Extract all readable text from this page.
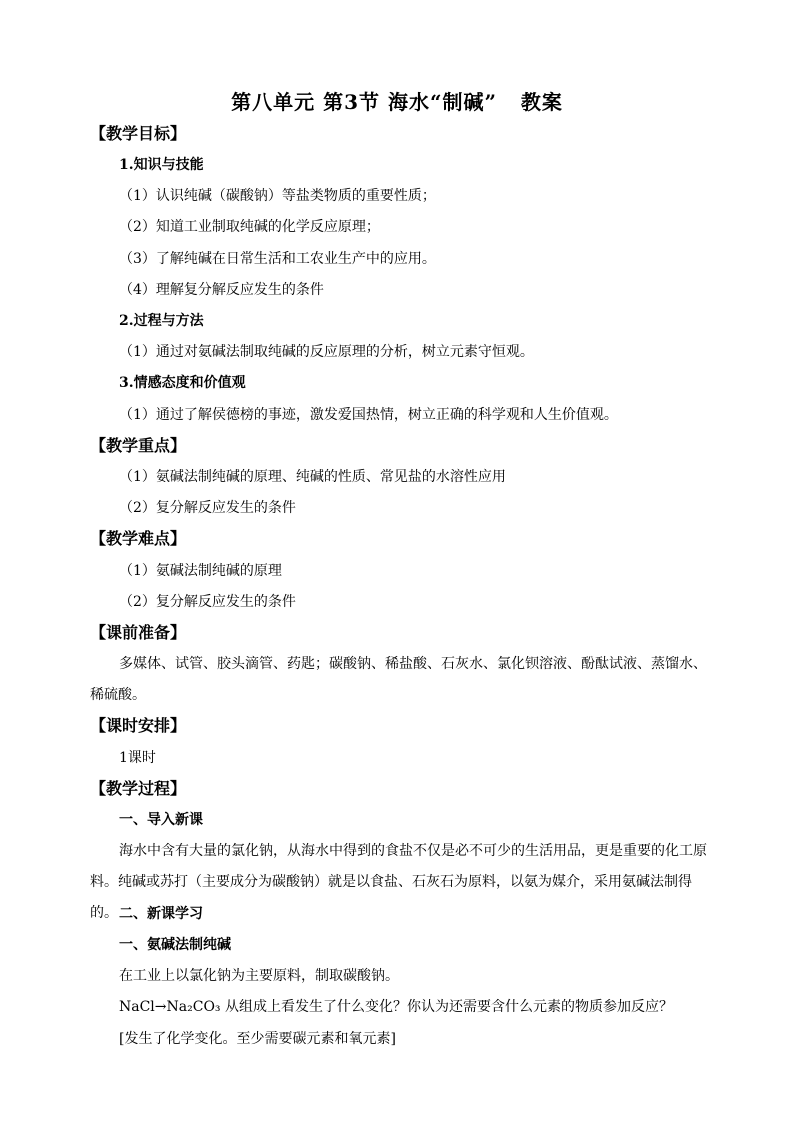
第八单元 第3节 海水“制碱”   教案
【教学目标】
1.知识与技能
（1）认识纯碱（碳酸钠）等盐类物质的重要性质；
（2）知道工业制取纯碱的化学反应原理；
（3）了解纯碱在日常生活和工农业生产中的应用。
（4）理解复分解反应发生的条件
2.过程与方法
（1）通过对氨碱法制取纯碱的反应原理的分析，树立元素守恒观。
3.情感态度和价值观
（1）通过了解侯德榜的事迹，激发爱国热情，树立正确的科学观和人生价值观。
【教学重点】
（1）氨碱法制纯碱的原理、纯碱的性质、常见盐的水溶性应用
（2）复分解反应发生的条件
【教学难点】
（1）氨碱法制纯碱的原理
（2）复分解反应发生的条件
【课前准备】
多媒体、试管、胶头滴管、药匙；碳酸钠、稀盐酸、石灰水、氯化钡溶液、酚酞试液、蒸馏水、稀硫酸。
【课时安排】
1课时
【教学过程】
一、导入新课
海水中含有大量的氯化钠，从海水中得到的食盐不仅是必不可少的生活用品，更是重要的化工原料。纯碱或苏打（主要成分为碳酸钠）就是以食盐、石灰石为原料，以氨为媒介，采用氨碱法制得的。 二、新课学习
一、氨碱法制纯碱
在工业上以氯化钠为主要原料，制取碳酸钠。
NaCl→Na₂CO₃ 从组成上看发生了什么变化？你认为还需要含什么元素的物质参加反应？
[发生了化学变化。至少需要碳元素和氧元素]
